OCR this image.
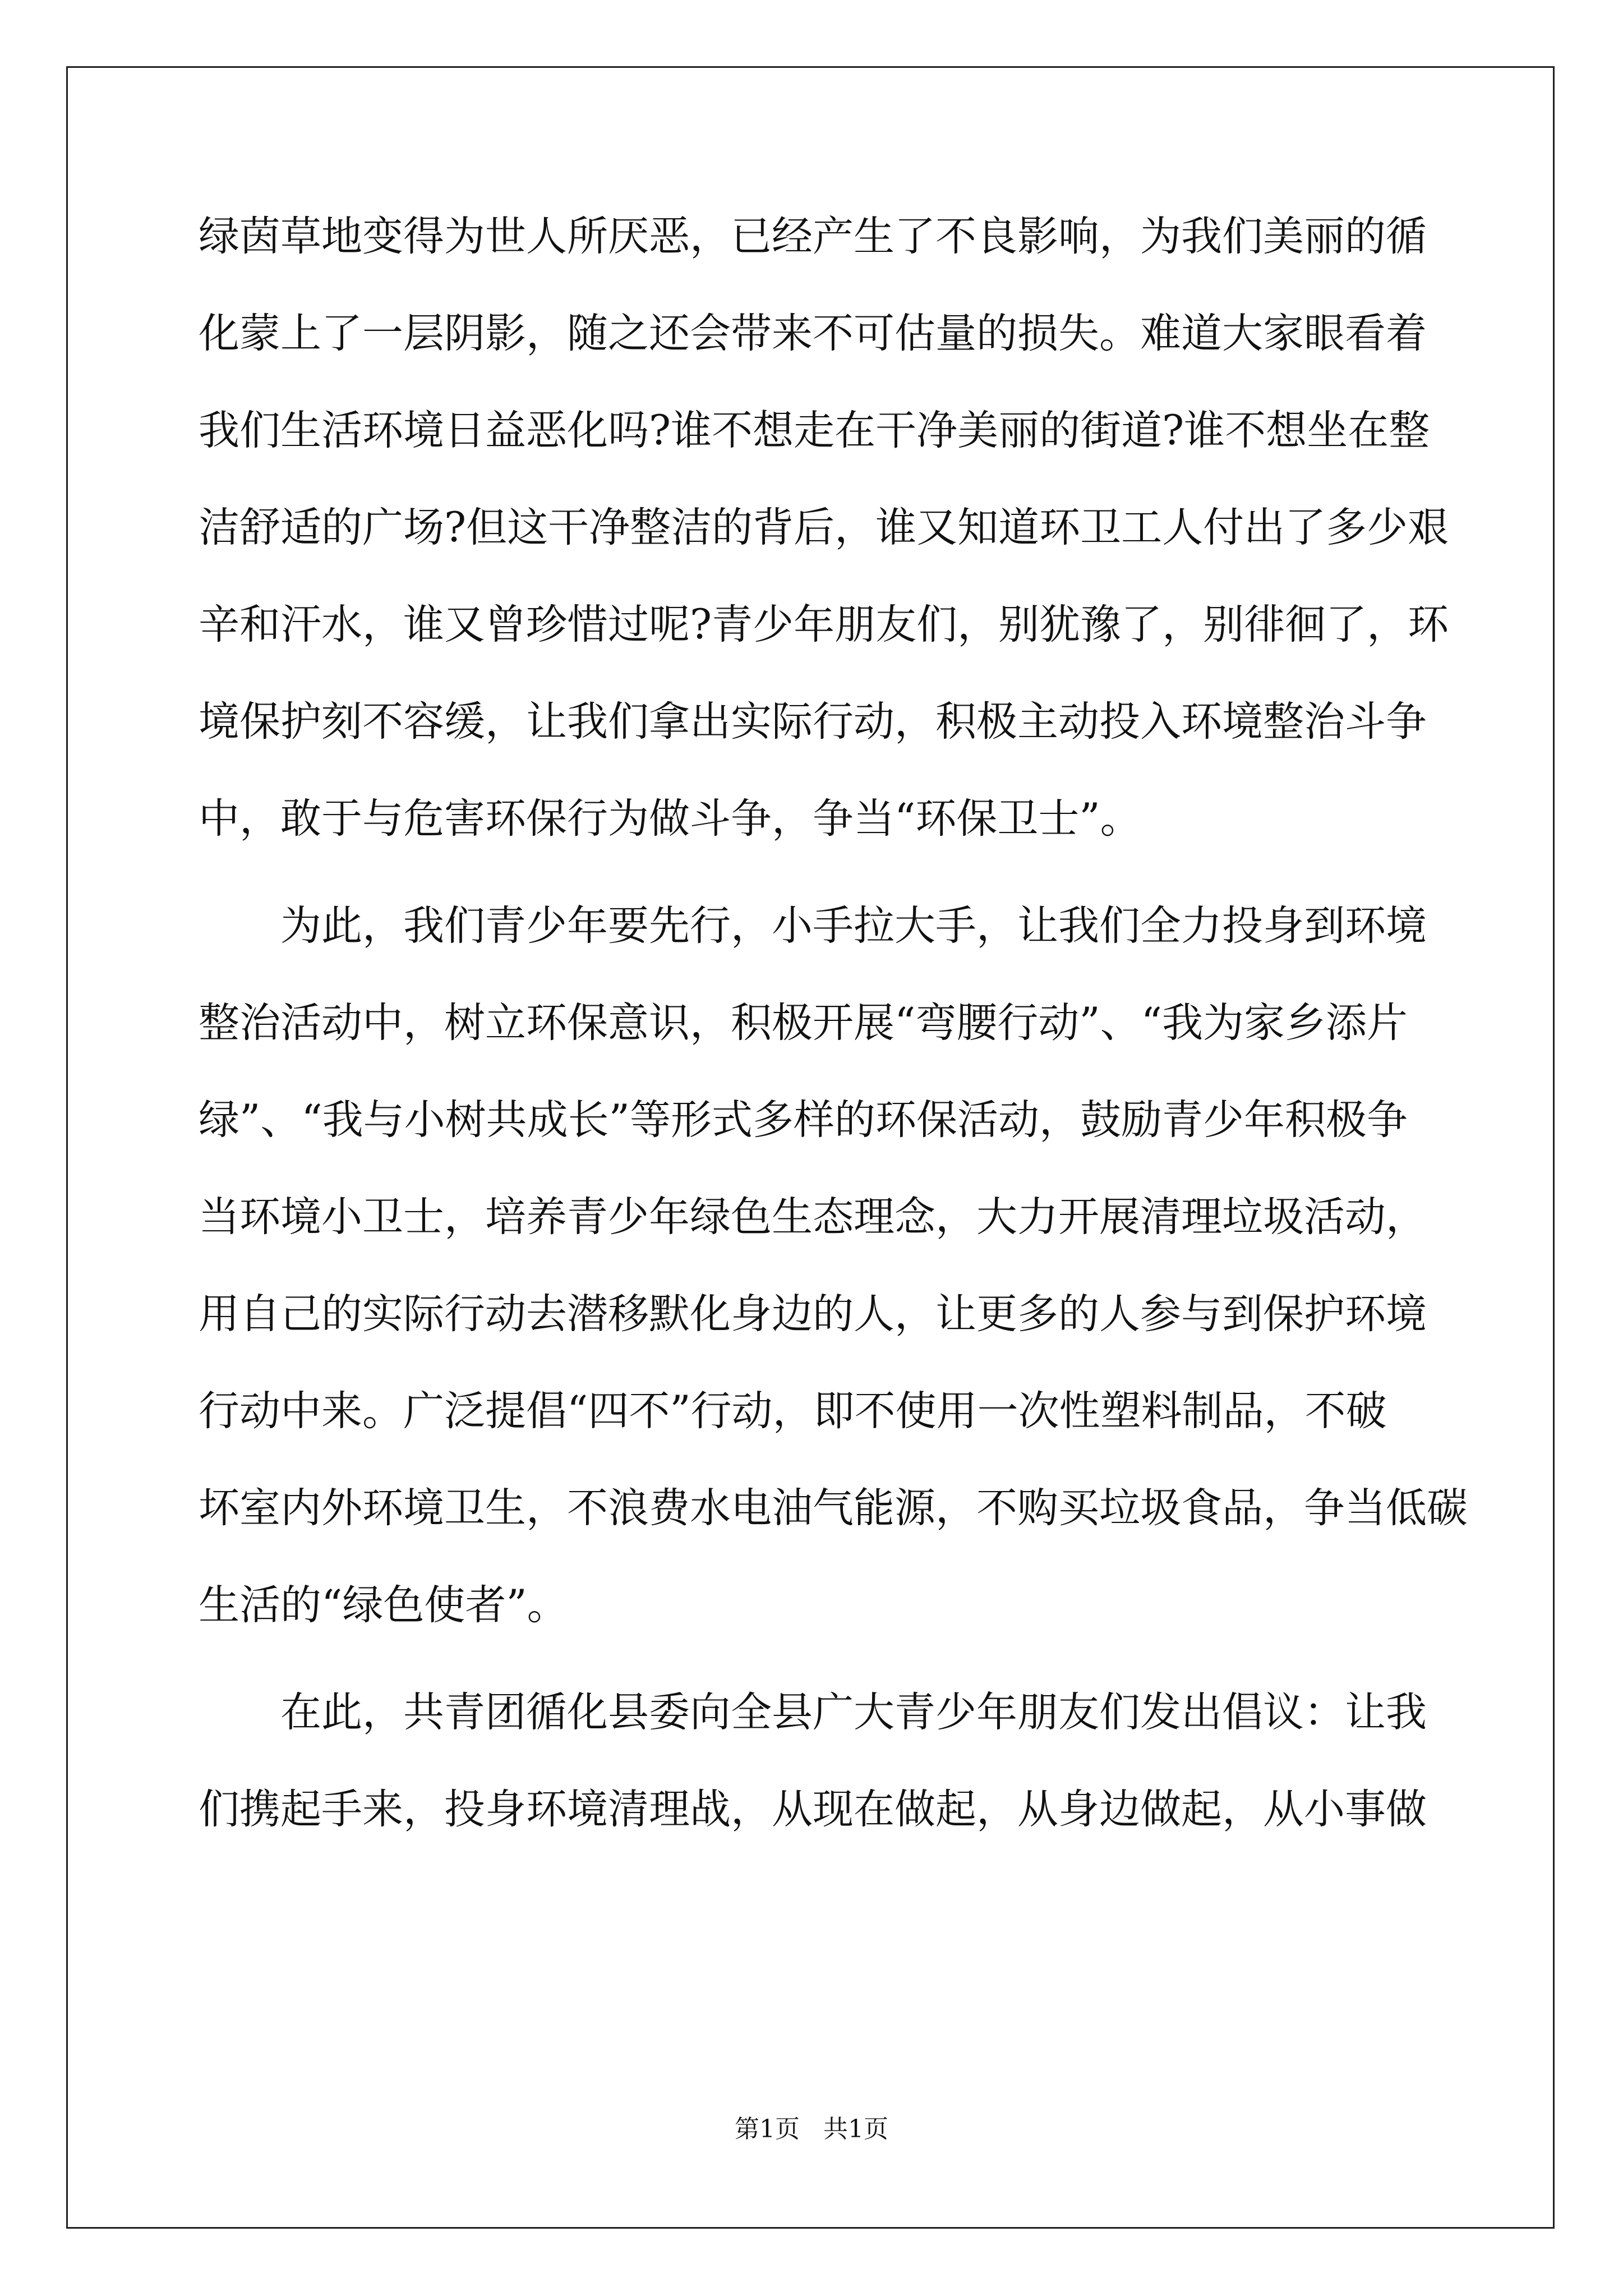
绿茵草地变得为世人所厌恶，已经产生了不良影响，为我们美丽的循
化蒙上了一层阴影，随之还会带来不可估量的损失。难道大家眼看着
我们生活环境日益恶化吗?谁不想走在干净美丽的街道?谁不想坐在整
洁舒适的广场?但这干净整洁的背后，谁又知道环卫工人付出了多少艰
辛和汗水，谁又曾珍惜过呢?青少年朋友们，别犹豫了，别徘徊了，环
境保护刻不容缓，让我们拿出实际行动，积极主动投入环境整治斗争
中，敢于与危害环保行为做斗争，争当“环保卫士”。
为此，我们青少年要先行，小手拉大手，让我们全力投身到环境
整治活动中，树立环保意识，积极开展“弯腰行动”、“我为家乡添片
绿”、“我与小树共成长”等形式多样的环保活动，鼓励青少年积极争
当环境小卫士，培养青少年绿色生态理念，大力开展清理垃圾活动，
用自己的实际行动去潜移默化身边的人，让更多的人参与到保护环境
行动中来。广泛提倡“四不”行动，即不使用一次性塑料制品，不破
坏室内外环境卫生，不浪费水电油气能源，不购买垃圾食品，争当低碳
生活的“绿色使者”。
在此，共青团循化县委向全县广大青少年朋友们发出倡议：让我
们携起手来，投身环境清理战，从现在做起，从身边做起，从小事做
第1页   共1页
